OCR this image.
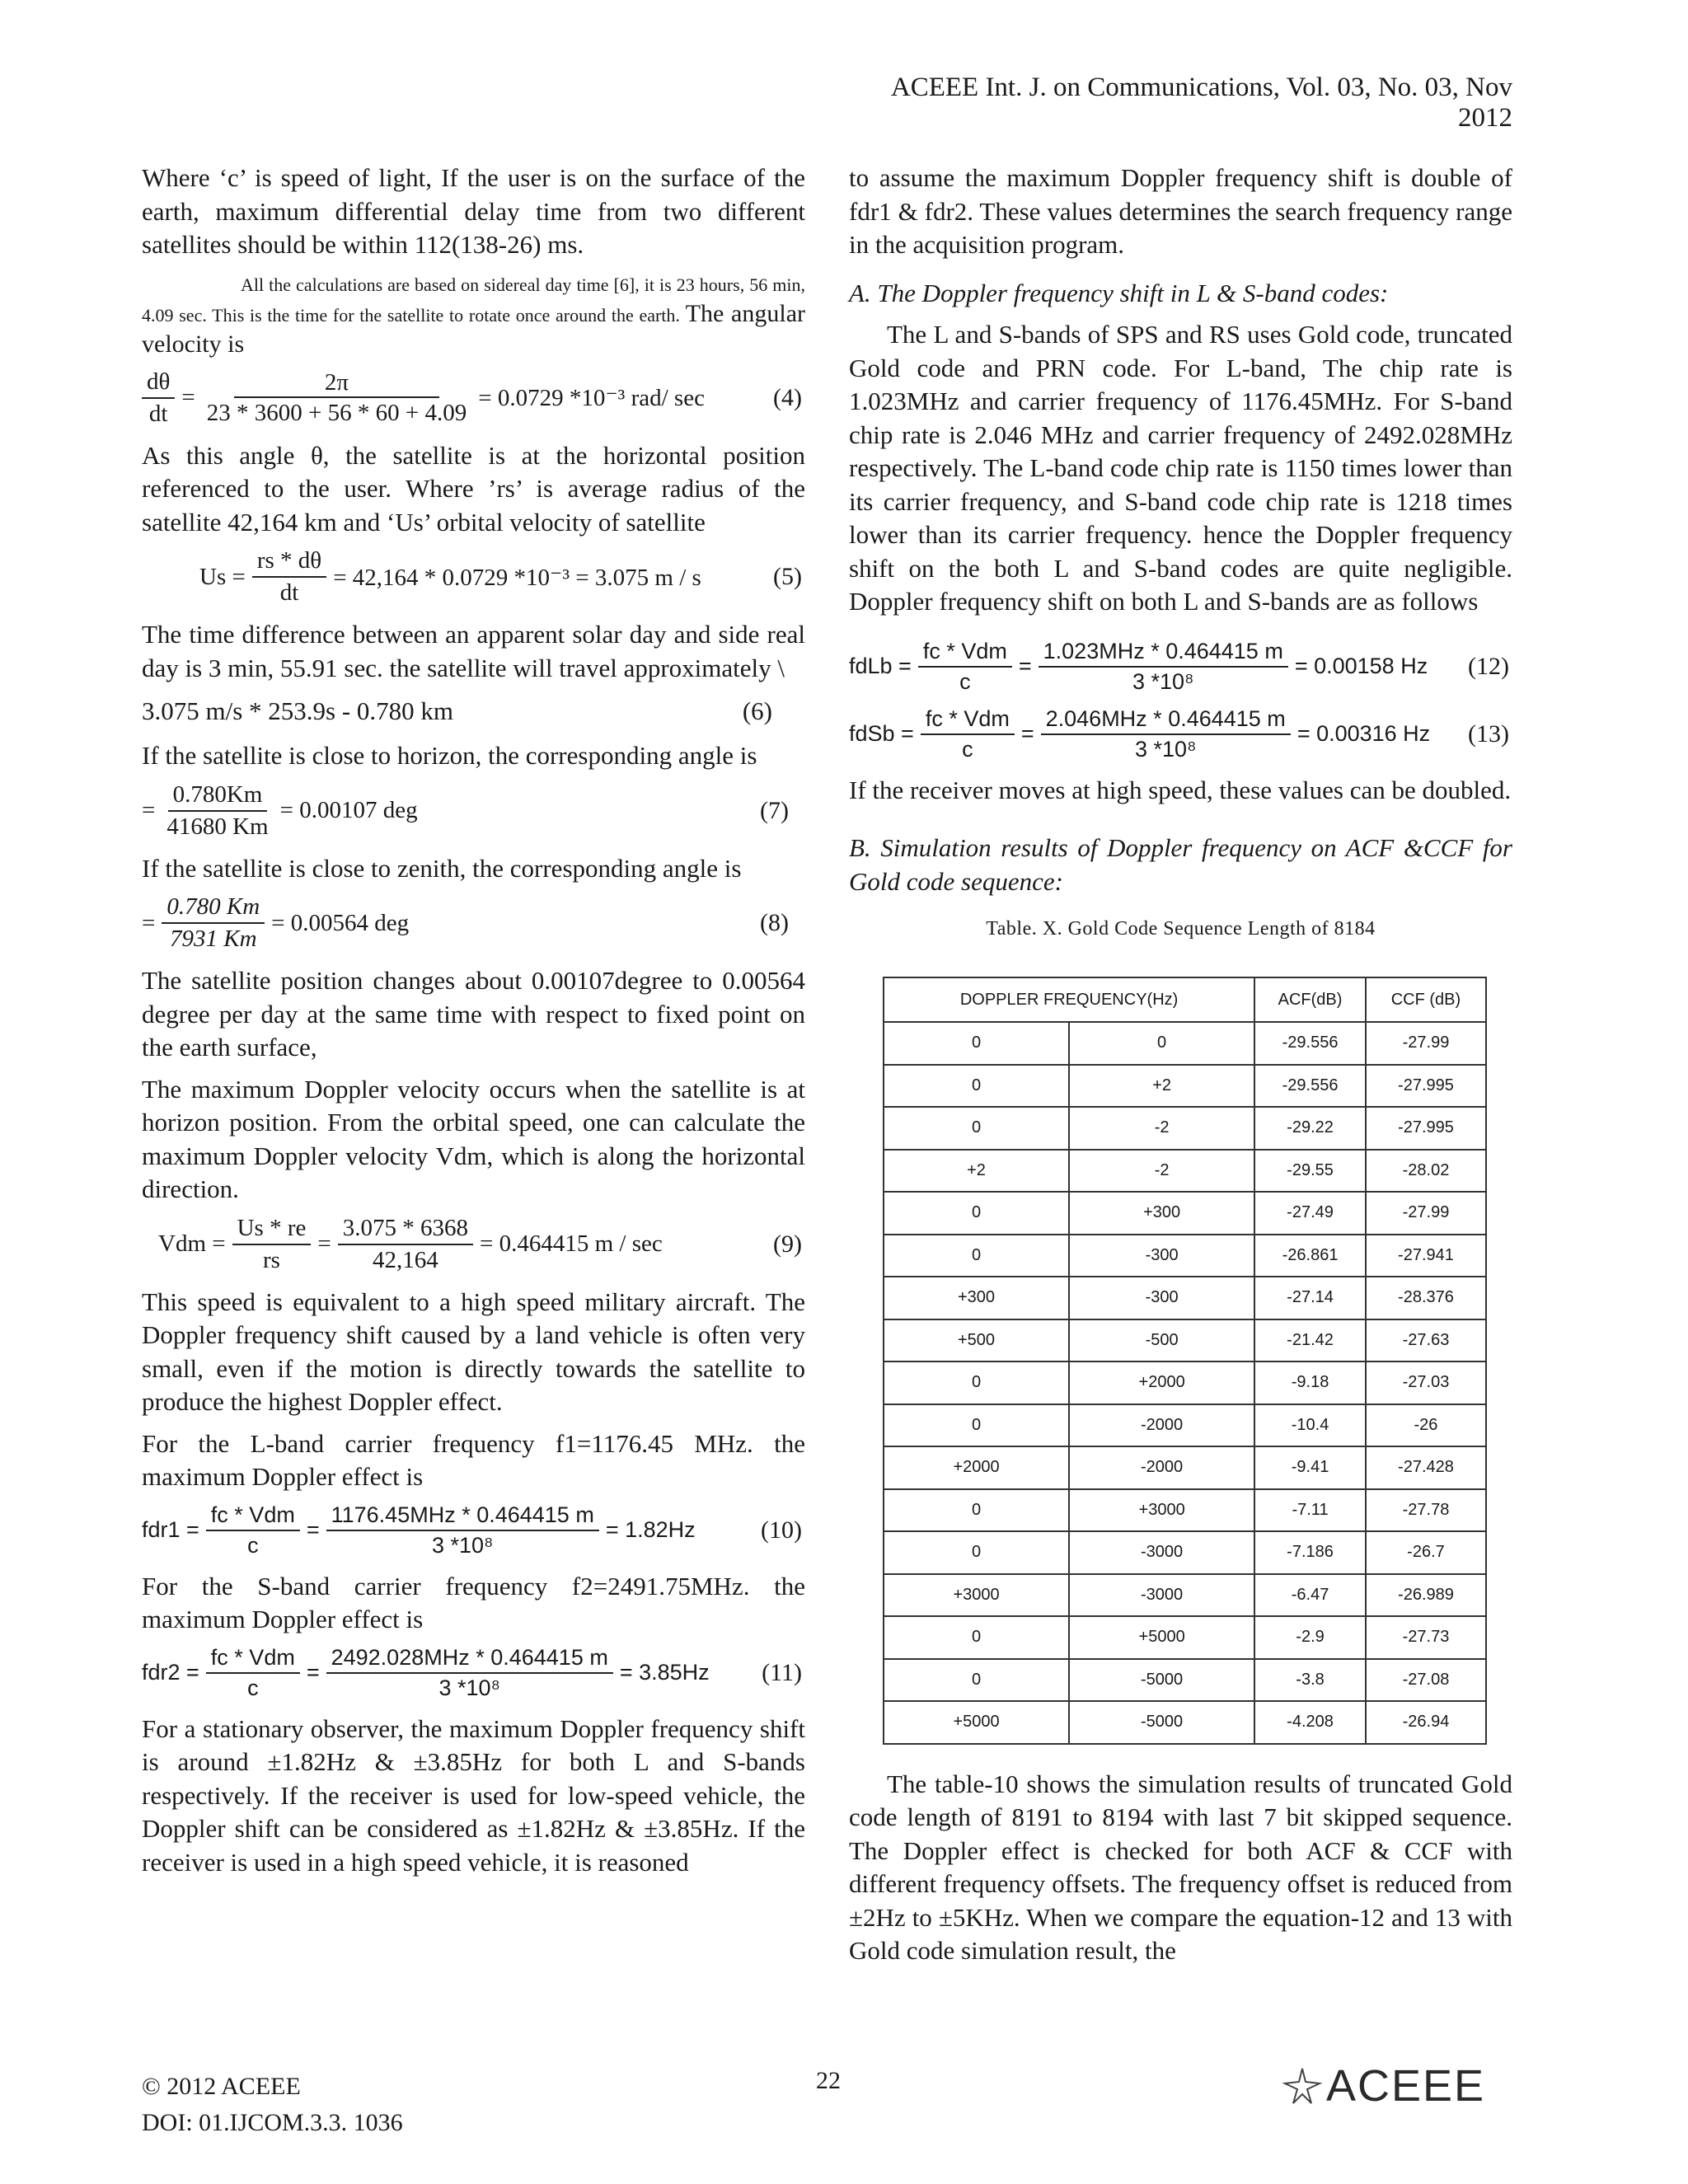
ACEEE Int. J. on Communications, Vol. 03, No. 03, Nov 2012

Where ‘c’ is speed of light, If the user is on the surface of the earth, maximum differential delay time from two different satellites should be within 112(138-26) ms.

All the calculations are based on sidereal day time [6], it is 23 hours, 56 min, 4.09 sec. This is the time for the satellite to rotate once around the earth. The angular velocity is

$\frac{d\theta}{dt} = \frac{2\pi}{23 * 3600 + 56 * 60 + 4.09} = 0.0729$ *10⁻³ rad/ sec	(4)

As this angle θ, the satellite is at the horizontal position referenced to the user. Where ’rs’ is average radius of the satellite 42,164 km and ‘Us’ orbital velocity of satellite

$Us = \frac{rs * d\theta}{dt} = 42,164 * 0.0729$ *10⁻³ = 3.075 m / s	(5)

The time difference between an apparent solar day and side real day is 3 min, 55.91 sec. the satellite will travel approximately \

3.075 m/s * 253.9s - 0.780 km	(6)

If the satellite is close to horizon, the corresponding angle is

= $\frac{0.780Km}{41680 Km} = 0.00107$ deg	(7)

If the satellite is close to zenith, the corresponding angle is

= $\frac{0.780 Km}{7931 Km} = 0.00564$ deg	(8)

The satellite position changes about 0.00107degree to 0.00564 degree per day at the same time with respect to fixed point on the earth surface,

The maximum Doppler velocity occurs when the satellite is at horizon position. From the orbital speed, one can calculate the maximum Doppler velocity Vdm, which is along the horizontal direction.

Vdm = $\frac{Us * re}{rs} = \frac{3.075 * 6368}{42,164} = 0.464415$ m / sec	(9)

This speed is equivalent to a high speed military aircraft. The Doppler frequency shift caused by a land vehicle is often very small, even if the motion is directly towards the satellite to produce the highest Doppler effect.

For the L-band carrier frequency f1=1176.45 MHz. the maximum Doppler effect is

$fdr1 = \frac{\text{fc * Vdm}}{c} = \frac{\text{1176.45MHz * 0.464415 m}}{\text{3 *10⁸}} = 1.82Hz$	(10)

For the S-band carrier frequency f2=2491.75MHz. the maximum Doppler effect is

$fdr2 = \frac{\text{fc * Vdm}}{c} = \frac{\text{2492.028MHz * 0.464415 m}}{\text{3 *10⁸}} = 3.85Hz$ (11)

For a stationary observer, the maximum Doppler frequency shift is around ±1.82Hz & ±3.85Hz for both L and S-bands respectively. If the receiver is used for low-speed vehicle, the Doppler shift can be considered as ±1.82Hz & ±3.85Hz. If the receiver is used in a high speed vehicle, it is reasoned

to assume the maximum Doppler frequency shift is double of fdr1 & fdr2. These values determines the search frequency range in the acquisition program.

A. The Doppler frequency shift in L & S-band codes:

The L and S-bands of SPS and RS uses Gold code, truncated Gold code and PRN code. For L-band, The chip rate is 1.023MHz and carrier frequency of 1176.45MHz. For S-band chip rate is 2.046 MHz and carrier frequency of 2492.028MHz respectively. The L-band code chip rate is 1150 times lower than its carrier frequency, and S-band code chip rate is 1218 times lower than its carrier frequency. hence the Doppler frequency shift on the both L and S-band codes are quite negligible. Doppler frequency shift on both L and S-bands are as follows

fdLb = $\frac{\text{fc * Vdm}}{c} = \frac{\text{1.023MHz * 0.464415 m}}{\text{3 *10⁸}} = 0.00158$ Hz (12)
fdSb = $\frac{\text{fc * Vdm}}{c} = \frac{\text{2.046MHz * 0.464415 m}}{\text{3 *10⁸}} = 0.00316$ Hz (13)

If the receiver moves at high speed, these values can be doubled.

B. Simulation results of Doppler frequency on ACF &CCF for Gold code sequence:

Table. X. Gold Code Sequence Length of 8184
DOPPLER FREQUENCY(Hz)		ACF(dB)	CCF (dB)
0	0	-29.556	-27.99
0	+2	-29.556	-27.995
0	-2	-29.22	-27.995
+2	-2	-29.55	-28.02
0	+300	-27.49	-27.99
0	-300	-26.861	-27.941
+300	-300	-27.14	-28.376
+500	-500	-21.42	-27.63
0	+2000	-9.18	-27.03
0	-2000	-10.4	-26
+2000	-2000	-9.41	-27.428
0	+3000	-7.11	-27.78
0	-3000	-7.186	-26.7
+3000	-3000	-6.47	-26.989
0	+5000	-2.9	-27.73
0	-5000	-3.8	-27.08
+5000	-5000	-4.208	-26.94

The table-10 shows the simulation results of truncated Gold code length of 8191 to 8194 with last 7 bit skipped sequence. The Doppler effect is checked for both ACF & CCF with different frequency offsets. The frequency offset is reduced from ±2Hz to ±5KHz. When we compare the equation-12 and 13 with Gold code simulation result, the

© 2012 ACEEE
DOI: 01.IJCOM.3.3. 1036
22	ACEEE
